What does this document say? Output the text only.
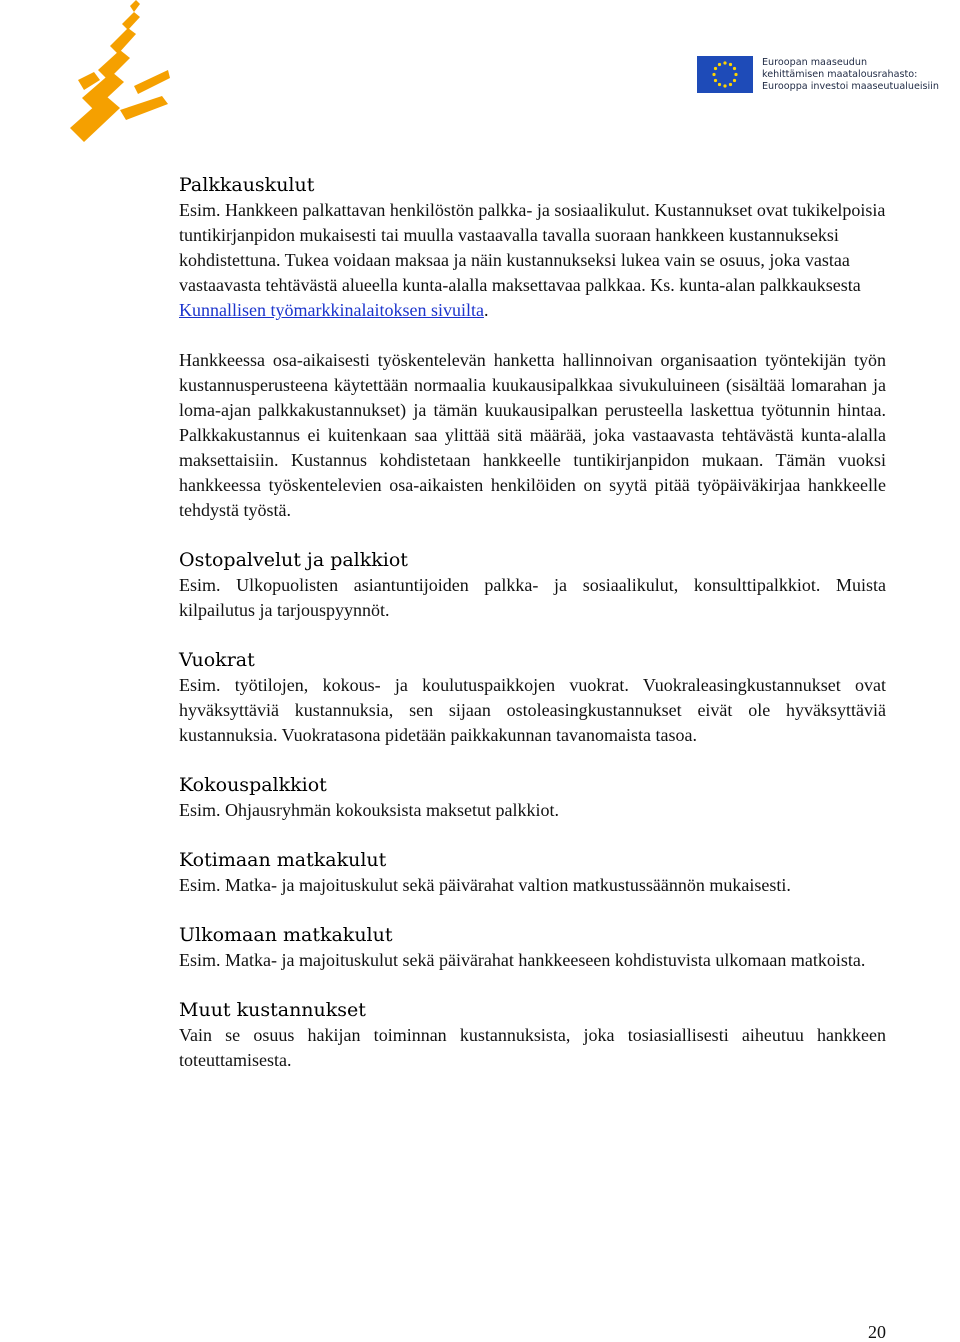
Euroopan maaseudun
kehittämisen maatalousrahasto:
Eurooppa investoi maaseutualueisiin
Palkkauskulut

Esim. Hankkeen palkattavan henkilöstön palkka- ja sosiaalikulut. Kustannukset ovat tukikelpoisia tuntikirjanpidon mukaisesti tai muulla vastaavalla tavalla suoraan hankkeen kustannukseksi kohdistettuna. Tukea voidaan maksaa ja näin kustannukseksi lukea vain se osuus, joka vastaa vastaavasta tehtävästä alueella kunta-alalla maksettavaa palkkaa. Ks. kunta-alan palkkauksesta Kunnallisen työmarkkinalaitoksen sivuilta.

Hankkeessa osa-aikaisesti työskentelevän hanketta hallinnoivan organisaation työntekijän työn kustannusperusteena käytettään normaalia kuukausipalkkaa sivukuluineen (sisältää lomarahan ja loma-ajan palkkakustannukset) ja tämän kuukausipalkan perusteella laskettua työtunnin hintaa. Palkkakustannus ei kuitenkaan saa ylittää sitä määrää, joka vastaavasta tehtävästä kunta-alalla maksettaisiin. Kustannus kohdistetaan hankkeelle tuntikirjanpidon mukaan. Tämän vuoksi hankkeessa työskentelevien osa-aikaisten henkilöiden on syytä pitää työpäiväkirjaa hankkeelle tehdystä työstä.

Ostopalvelut ja palkkiot

Esim. Ulkopuolisten asiantuntijoiden palkka- ja sosiaalikulut, konsulttipalkkiot. Muista kilpailutus ja tarjouspyynnöt.

Vuokrat

Esim. työtilojen, kokous- ja koulutuspaikkojen vuokrat. Vuokraleasingkustannukset ovat hyväksyttäviä kustannuksia, sen sijaan ostoleasingkustannukset eivät ole hyväksyttäviä kustannuksia. Vuokratasona pidetään paikkakunnan tavanomaista tasoa.

Kokouspalkkiot

Esim. Ohjausryhmän kokouksista maksetut palkkiot.

Kotimaan matkakulut

Esim. Matka- ja majoituskulut sekä päivärahat valtion matkustussäännön mukaisesti.

Ulkomaan matkakulut

Esim. Matka- ja majoituskulut sekä päivärahat hankkeeseen kohdistuvista ulkomaan matkoista.

Muut kustannukset

Vain se osuus hakijan toiminnan kustannuksista, joka tosiasiallisesti aiheutuu hankkeen toteuttamisesta.

20
